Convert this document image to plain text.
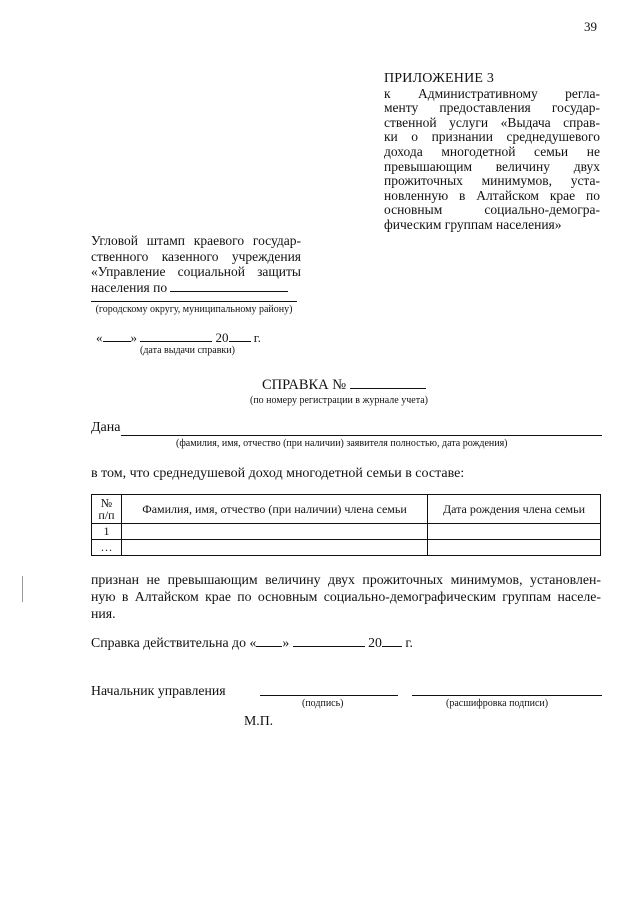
39
ПРИЛОЖЕНИЕ 3
к Административному регла-
менту предоставления государ-
ственной услуги «Выдача справ-
ки о признании среднедушевого
дохода многодетной семьи не
превышающим величину двух
прожиточных минимумов, уста-
новленную в Алтайском крае по
основным социально-демогра-
фическим группам населения»
Угловой штамп краевого государ-
ственного казенного учреждения
«Управление социальной защиты
населения по
(городскому округу, муниципальному району)
« »	20 г.
(дата выдачи справки)
СПРАВКА №
(по номеру регистрации в журнале учета)
Дана
(фамилия, имя, отчество (при наличии) заявителя полностью, дата рождения)
в том, что среднедушевой доход многодетной семьи в составе:
№ п/п	Фамилия, имя, отчество (при наличии) члена семьи	Дата рождения члена семьи
1		
…		
признан не превышающим величину двух прожиточных минимумов, установлен-
ную в Алтайском крае по основным социально-демографическим группам населе-
ния.
Справка действительна до « »	20 г.
Начальник управления
(подпись)	(расшифровка подписи)
М.П.
